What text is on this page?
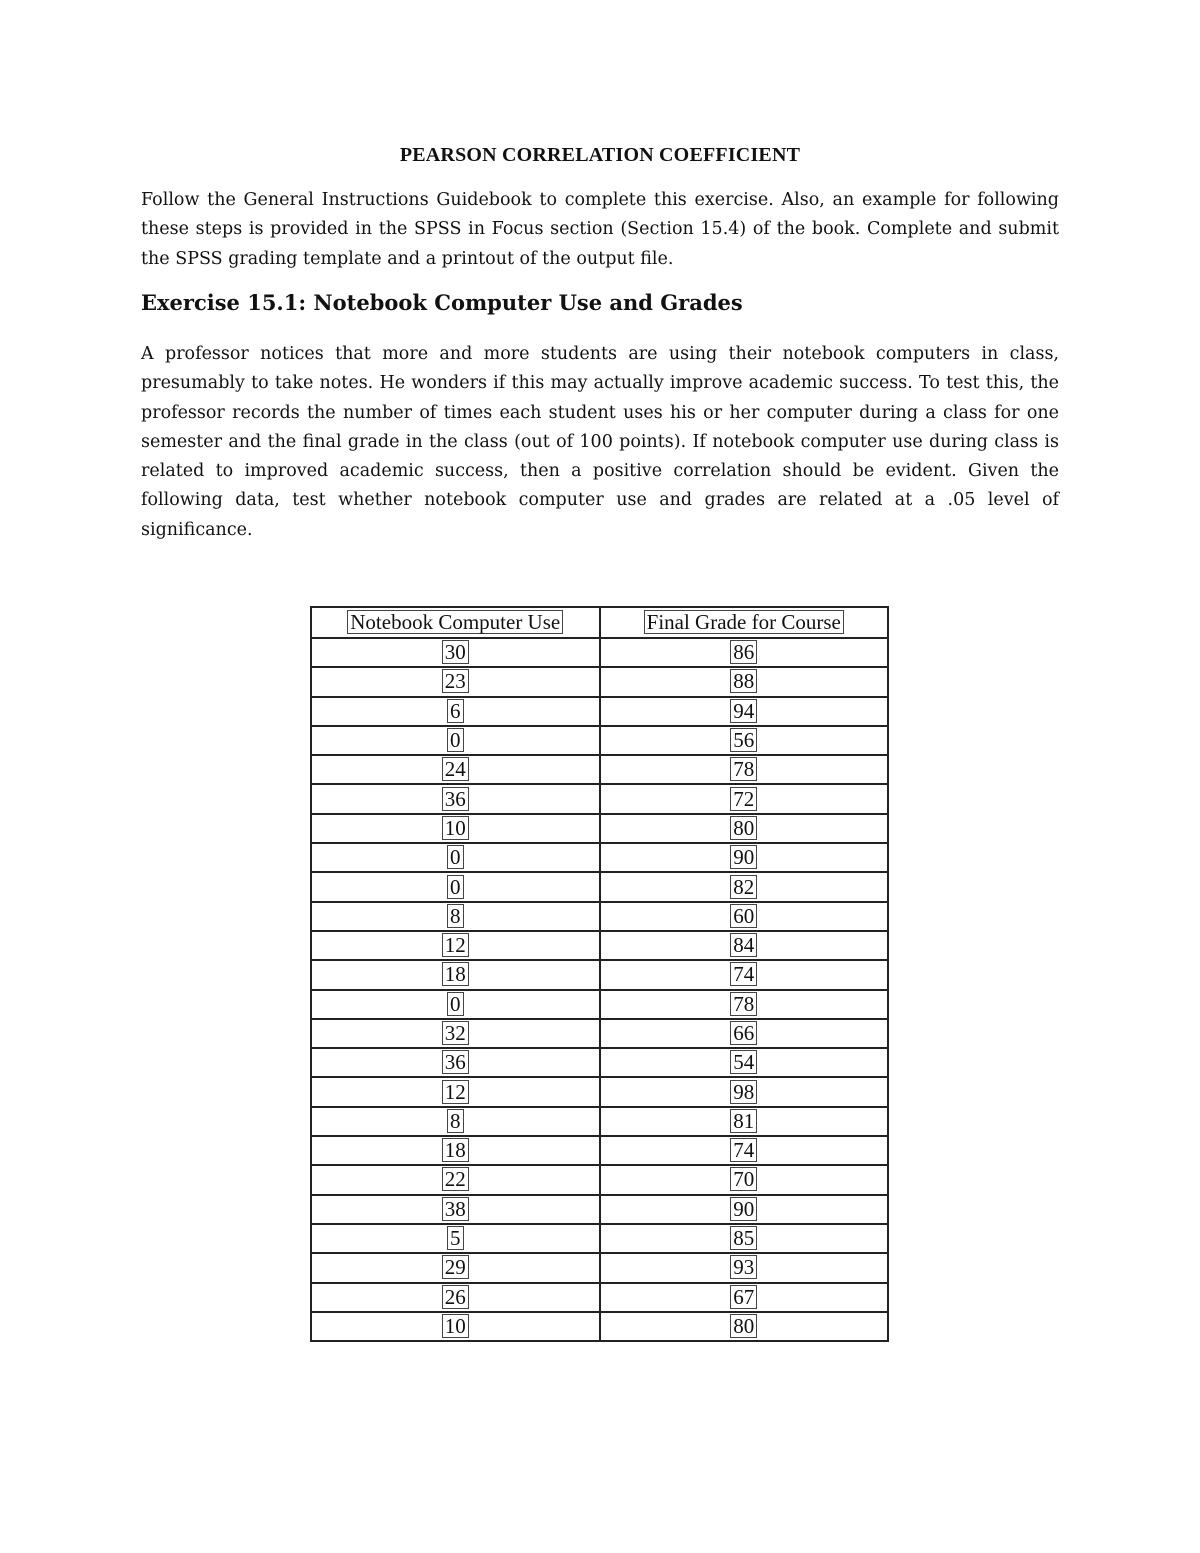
PEARSON CORRELATION COEFFICIENT

Follow the General Instructions Guidebook to complete this exercise. Also, an example for following these steps is provided in the SPSS in Focus section (Section 15.4) of the book. Complete and submit the SPSS grading template and a printout of the output file.

Exercise 15.1: Notebook Computer Use and Grades

A professor notices that more and more students are using their notebook computers in class, presumably to take notes. He wonders if this may actually improve academic success. To test this, the professor records the number of times each student uses his or her computer during a class for one semester and the final grade in the class (out of 100 points). If notebook computer use during class is related to improved academic success, then a positive correlation should be evident. Given the following data, test whether notebook computer use and grades are related at a .05 level of significance.

Notebook Computer Use	Final Grade for Course
30	86
23	88
6	94
0	56
24	78
36	72
10	80
0	90
0	82
8	60
12	84
18	74
0	78
32	66
36	54
12	98
8	81
18	74
22	70
38	90
5	85
29	93
26	67
10	80
